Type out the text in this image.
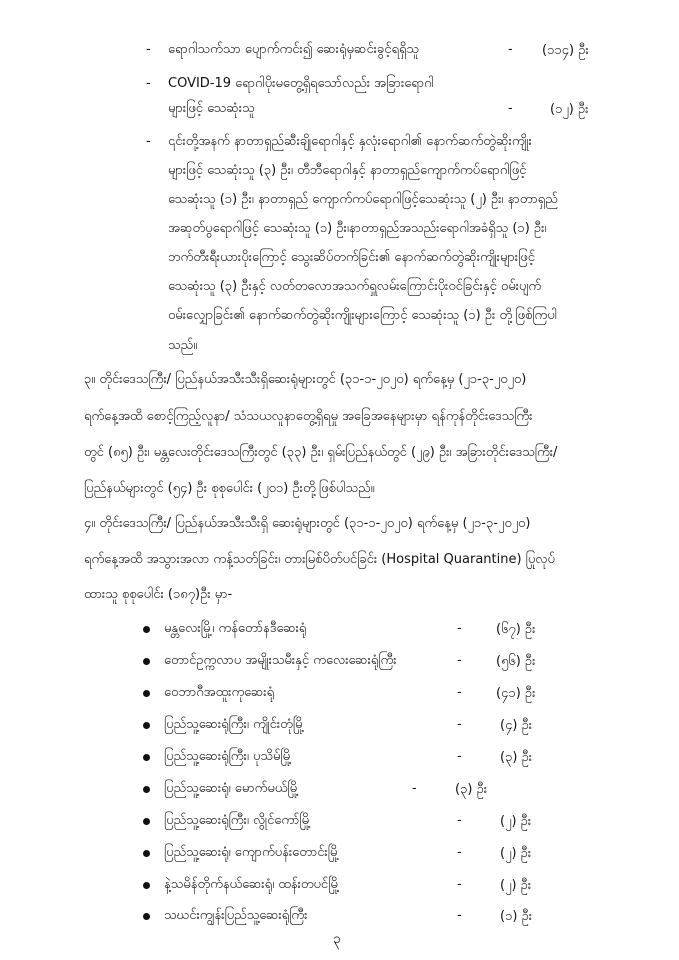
- ရောဂါသက်သာ ပျောက်ကင်း၍ ဆေးရုံမှဆင်းခွင့်ရရှိသူ	- (၁၁၄) ဦး
- COVID-19 ရောဂါပိုးမတွေ့ရှိရသော်လည်း အခြားရောဂါ
များဖြင့် သေဆုံးသူ	-	(၁၂) ဦး
- ၎င်းတို့အနက် နာတာရှည်ဆီးချိုရောဂါနှင့် နှလုံးရောဂါ၏ နောက်ဆက်တွဲဆိုးကျိုး
များဖြင့် သေဆုံးသူ (၃) ဦး၊ တီဘီရောဂါနှင့် နာတာရှည်ကျောက်ကပ်ရောဂါဖြင့်
သေဆုံးသူ (၁) ဦး၊ နာတာရှည် ကျောက်ကပ်ရောဂါဖြင့်သေဆုံးသူ (၂) ဦး၊ နာတာရှည်
အဆုတ်ပွရောဂါဖြင့် သေဆုံးသူ (၁) ဦး၊နာတာရှည်အသည်းရောဂါအခံရှိသူ (၁) ဦး၊
ဘက်တီးရီးယားပိုးကြောင့် သွေးဆိပ်တက်ခြင်း၏ နောက်ဆက်တွဲဆိုးကျိုးများဖြင့်
သေဆုံးသူ (၃) ဦးနှင့် လတ်တလောအသက်ရှူလမ်းကြောင်းပိုးဝင်ခြင်းနှင့် ဝမ်းပျက်
ဝမ်းလျှောခြင်း၏ နောက်ဆက်တွဲဆိုးကျိုးများကြောင့် သေဆုံးသူ (၁) ဦး တို့ဖြစ်ကြပါ
သည်။
၃။ တိုင်းဒေသကြီး/ ပြည်နယ်အသီးသီးရှိဆေးရုံများတွင် (၃၁-၁-၂၀၂၀) ရက်နေ့မှ (၂၁-၃-၂၀၂၀)
ရက်နေ့အထိ စောင့်ကြည့်လူနာ/ သံသယလူနာတွေ့ရှိရမှု အခြေအနေများမှာ ရန်ကုန်တိုင်းဒေသကြီး
တွင် (၈၅) ဦး၊ မန္တလေးတိုင်းဒေသကြီးတွင် (၃၃) ဦး၊ ရှမ်းပြည်နယ်တွင် (၂၉) ဦး၊ အခြားတိုင်းဒေသကြီး/
ပြည်နယ်များတွင် (၅၄) ဦး စုစုပေါင်း (၂၀၁) ဦးတို့ဖြစ်ပါသည်။
၄။ တိုင်းဒေသကြီး/ ပြည်နယ်အသီးသီးရှိ ဆေးရုံများတွင် (၃၁-၁-၂၀၂၀) ရက်နေ့မှ (၂၁-၃-၂၀၂၀)
ရက်နေ့အထိ အသွားအလာ ကန့်သတ်ခြင်း၊ တားမြစ်ပိတ်ပင်ခြင်း (Hospital Quarantine) ပြုလုပ်
ထားသူ စုစုပေါင်း (၁၈၇)ဦး မှာ-
မန္တလေးမြို့၊ ကန်တော်နဒီဆေးရုံ	-	(၆၇) ဦး
တောင်ဥက္ကလာပ အမျိုးသမီးနှင့် ကလေးဆေးရုံကြီး	-	(၅၆) ဦး
ဝေဘာဂီအထူးကုဆေးရုံ	-	(၄၁) ဦး
ပြည်သူ့ဆေးရုံကြီး၊ ကျိုင်းတုံမြို့	-	(၄) ဦး
ပြည်သူ့ဆေးရုံကြီး၊ ပုသိမ်မြို့	-	(၃) ဦး
ပြည်သူ့ဆေးရုံ၊ မောက်မယ်မြို့	-	(၃) ဦး
ပြည်သူ့ဆေးရုံကြီး၊ လွိုင်ကော်မြို့	-	(၂) ဦး
ပြည်သူ့ဆေးရုံ၊ ကျောက်ပန်းတောင်းမြို့	-	(၂) ဦး
နဲ့သမိန်တိုက်နယ်ဆေးရုံ၊ ထန်းတပင်မြို့	-	(၂) ဦး
သဃင်းကျွန်းပြည်သူ့ဆေးရုံကြီး	-	(၁) ဦး
၃
